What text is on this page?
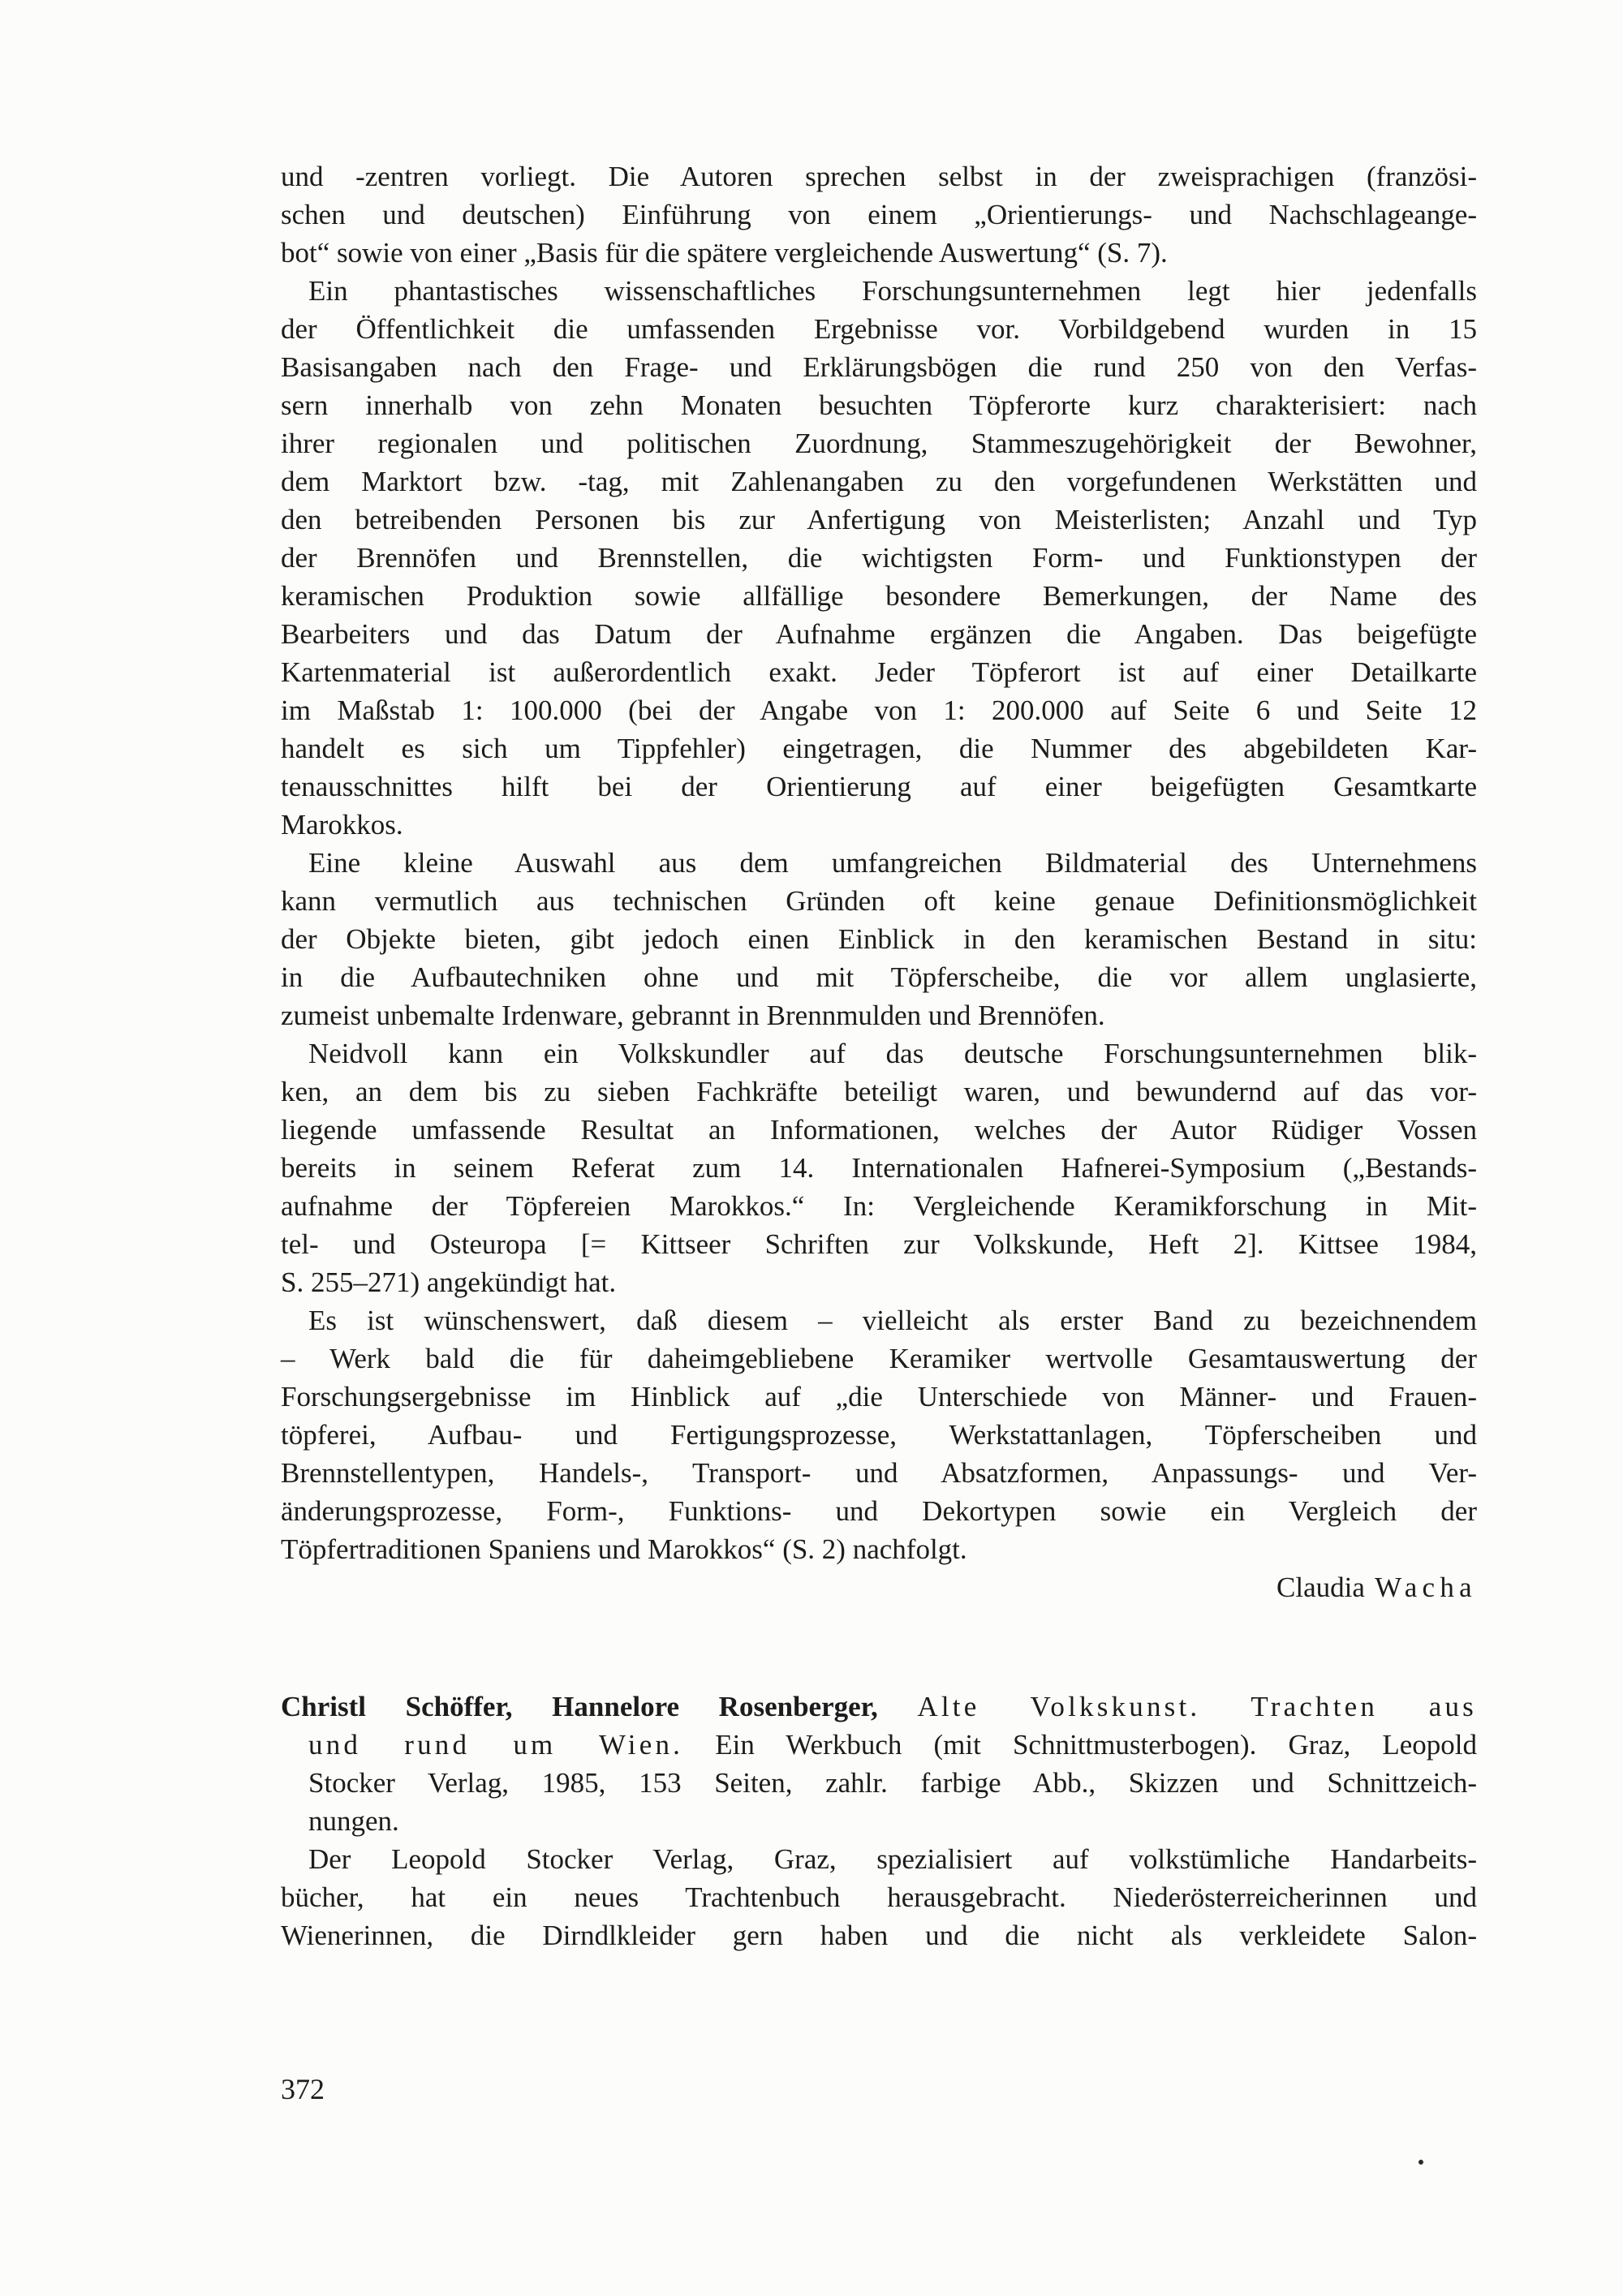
und -zentren vorliegt. Die Autoren sprechen selbst in der zweisprachigen (französi-
schen und deutschen) Einführung von einem „Orientierungs- und Nachschlageange-
bot“ sowie von einer „Basis für die spätere vergleichende Auswertung“ (S. 7).
Ein phantastisches wissenschaftliches Forschungsunternehmen legt hier jedenfalls
der Öffentlichkeit die umfassenden Ergebnisse vor. Vorbildgebend wurden in 15
Basisangaben nach den Frage- und Erklärungsbögen die rund 250 von den Verfas-
sern innerhalb von zehn Monaten besuchten Töpferorte kurz charakterisiert: nach
ihrer regionalen und politischen Zuordnung, Stammeszugehörigkeit der Bewohner,
dem Marktort bzw. -tag, mit Zahlenangaben zu den vorgefundenen Werkstätten und
den betreibenden Personen bis zur Anfertigung von Meisterlisten; Anzahl und Typ
der Brennöfen und Brennstellen, die wichtigsten Form- und Funktionstypen der
keramischen Produktion sowie allfällige besondere Bemerkungen, der Name des
Bearbeiters und das Datum der Aufnahme ergänzen die Angaben. Das beigefügte
Kartenmaterial ist außerordentlich exakt. Jeder Töpferort ist auf einer Detailkarte
im Maßstab 1: 100.000 (bei der Angabe von 1: 200.000 auf Seite 6 und Seite 12
handelt es sich um Tippfehler) eingetragen, die Nummer des abgebildeten Kar-
tenausschnittes hilft bei der Orientierung auf einer beigefügten Gesamtkarte
Marokkos.
Eine kleine Auswahl aus dem umfangreichen Bildmaterial des Unternehmens
kann vermutlich aus technischen Gründen oft keine genaue Definitionsmöglichkeit
der Objekte bieten, gibt jedoch einen Einblick in den keramischen Bestand in situ:
in die Aufbautechniken ohne und mit Töpferscheibe, die vor allem unglasierte,
zumeist unbemalte Irdenware, gebrannt in Brennmulden und Brennöfen.
Neidvoll kann ein Volkskundler auf das deutsche Forschungsunternehmen blik-
ken, an dem bis zu sieben Fachkräfte beteiligt waren, und bewundernd auf das vor-
liegende umfassende Resultat an Informationen, welches der Autor Rüdiger Vossen
bereits in seinem Referat zum 14. Internationalen Hafnerei-Symposium („Bestands-
aufnahme der Töpfereien Marokkos.“ In: Vergleichende Keramikforschung in Mit-
tel- und Osteuropa [= Kittseer Schriften zur Volkskunde, Heft 2]. Kittsee 1984,
S. 255–271) angekündigt hat.
Es ist wünschenswert, daß diesem – vielleicht als erster Band zu bezeichnendem
– Werk bald die für daheimgebliebene Keramiker wertvolle Gesamtauswertung der
Forschungsergebnisse im Hinblick auf „die Unterschiede von Männer- und Frauen-
töpferei, Aufbau- und Fertigungsprozesse, Werkstattanlagen, Töpferscheiben und
Brennstellentypen, Handels-, Transport- und Absatzformen, Anpassungs- und Ver-
änderungsprozesse, Form-, Funktions- und Dekortypen sowie ein Vergleich der
Töpfertraditionen Spaniens und Marokkos“ (S. 2) nachfolgt.
Claudia Wacha
Christl Schöffer, Hannelore Rosenberger, Alte Volkskunst. Trachten aus
und rund um Wien. Ein Werkbuch (mit Schnittmusterbogen). Graz, Leopold
Stocker Verlag, 1985, 153 Seiten, zahlr. farbige Abb., Skizzen und Schnittzeich-
nungen.
Der Leopold Stocker Verlag, Graz, spezialisiert auf volkstümliche Handarbeits-
bücher, hat ein neues Trachtenbuch herausgebracht. Niederösterreicherinnen und
Wienerinnen, die Dirndlkleider gern haben und die nicht als verkleidete Salon-
372
